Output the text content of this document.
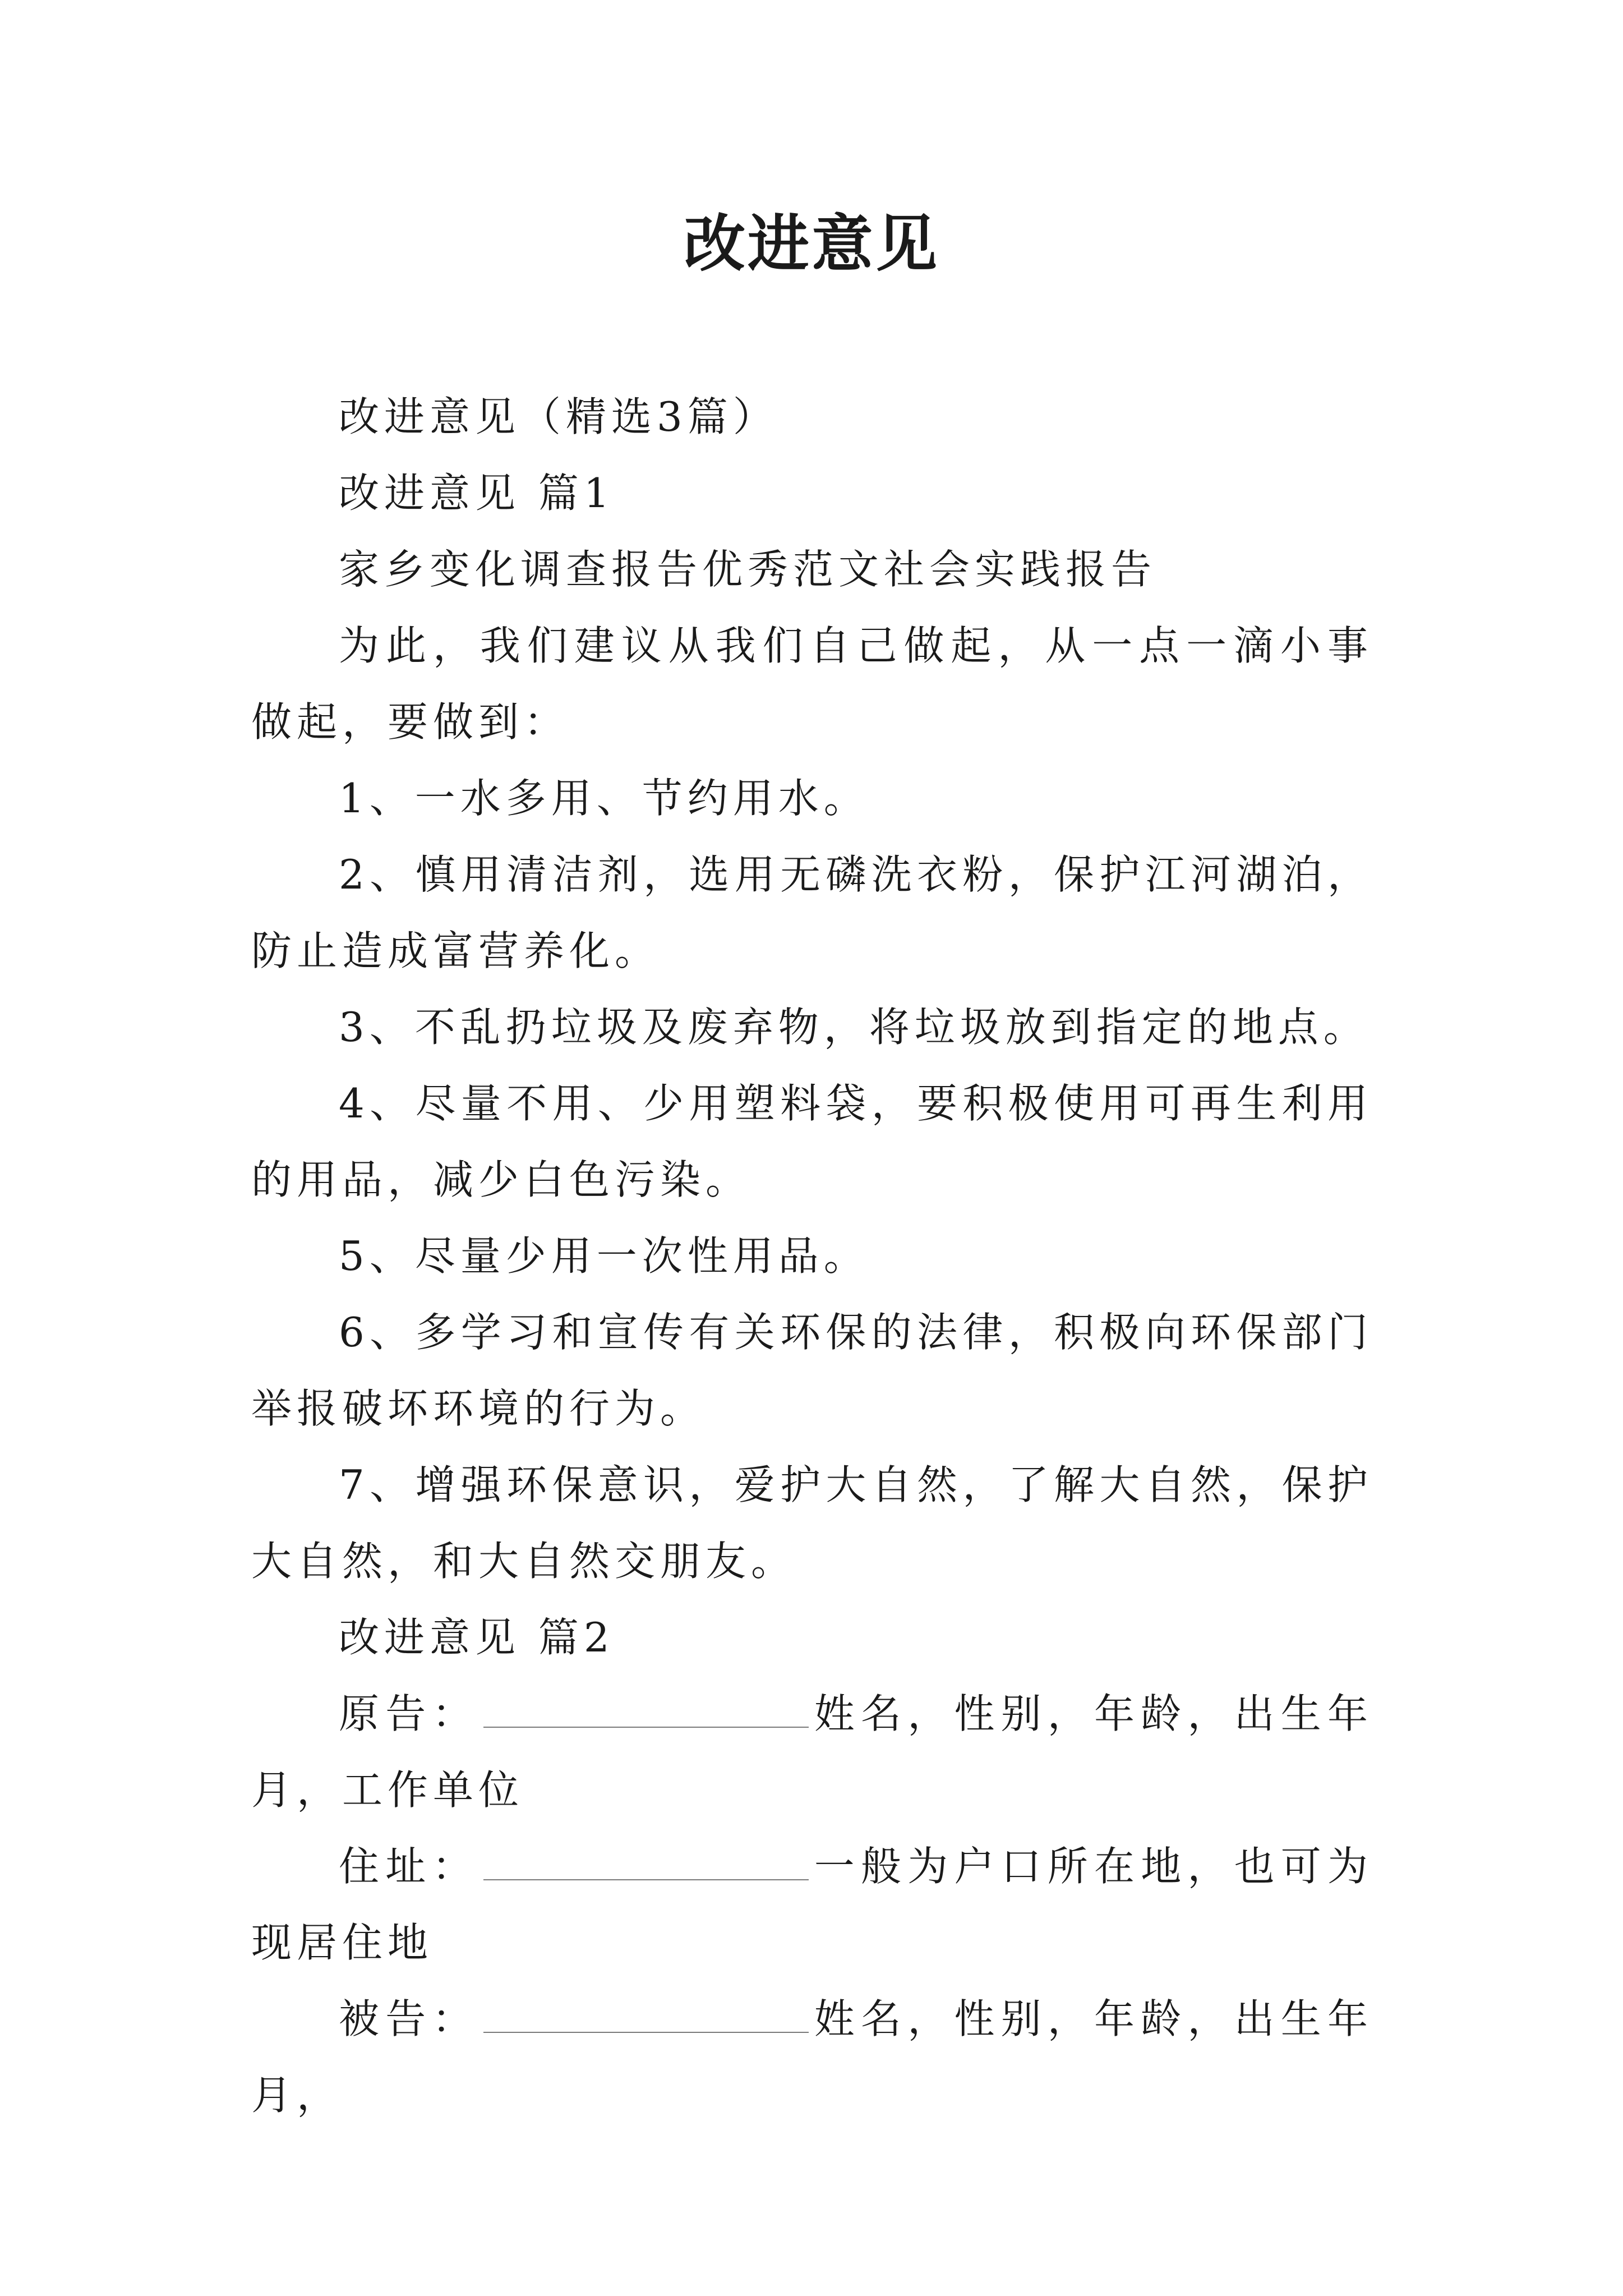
改进意见

改进意见（精选3篇）

改进意见 篇1

家乡变化调查报告优秀范文社会实践报告

为此，我们建议从我们自己做起，从一点一滴小事做起，要做到：

1、一水多用、节约用水。

2、慎用清洁剂，选用无磷洗衣粉，保护江河湖泊，防止造成富营养化。

3、不乱扔垃圾及废弃物，将垃圾放到指定的地点。

4、尽量不用、少用塑料袋，要积极使用可再生利用的用品，减少白色污染。

5、尽量少用一次性用品。

6、多学习和宣传有关环保的法律，积极向环保部门举报破坏环境的行为。

7、增强环保意识，爱护大自然，了解大自然，保护大自然，和大自然交朋友。

改进意见 篇2

原告：	姓名，性别，年龄，出生年月，工作单位

住址：	一般为户口所在地，也可为现居住地

被告：	姓名，性别，年龄，出生年月，
